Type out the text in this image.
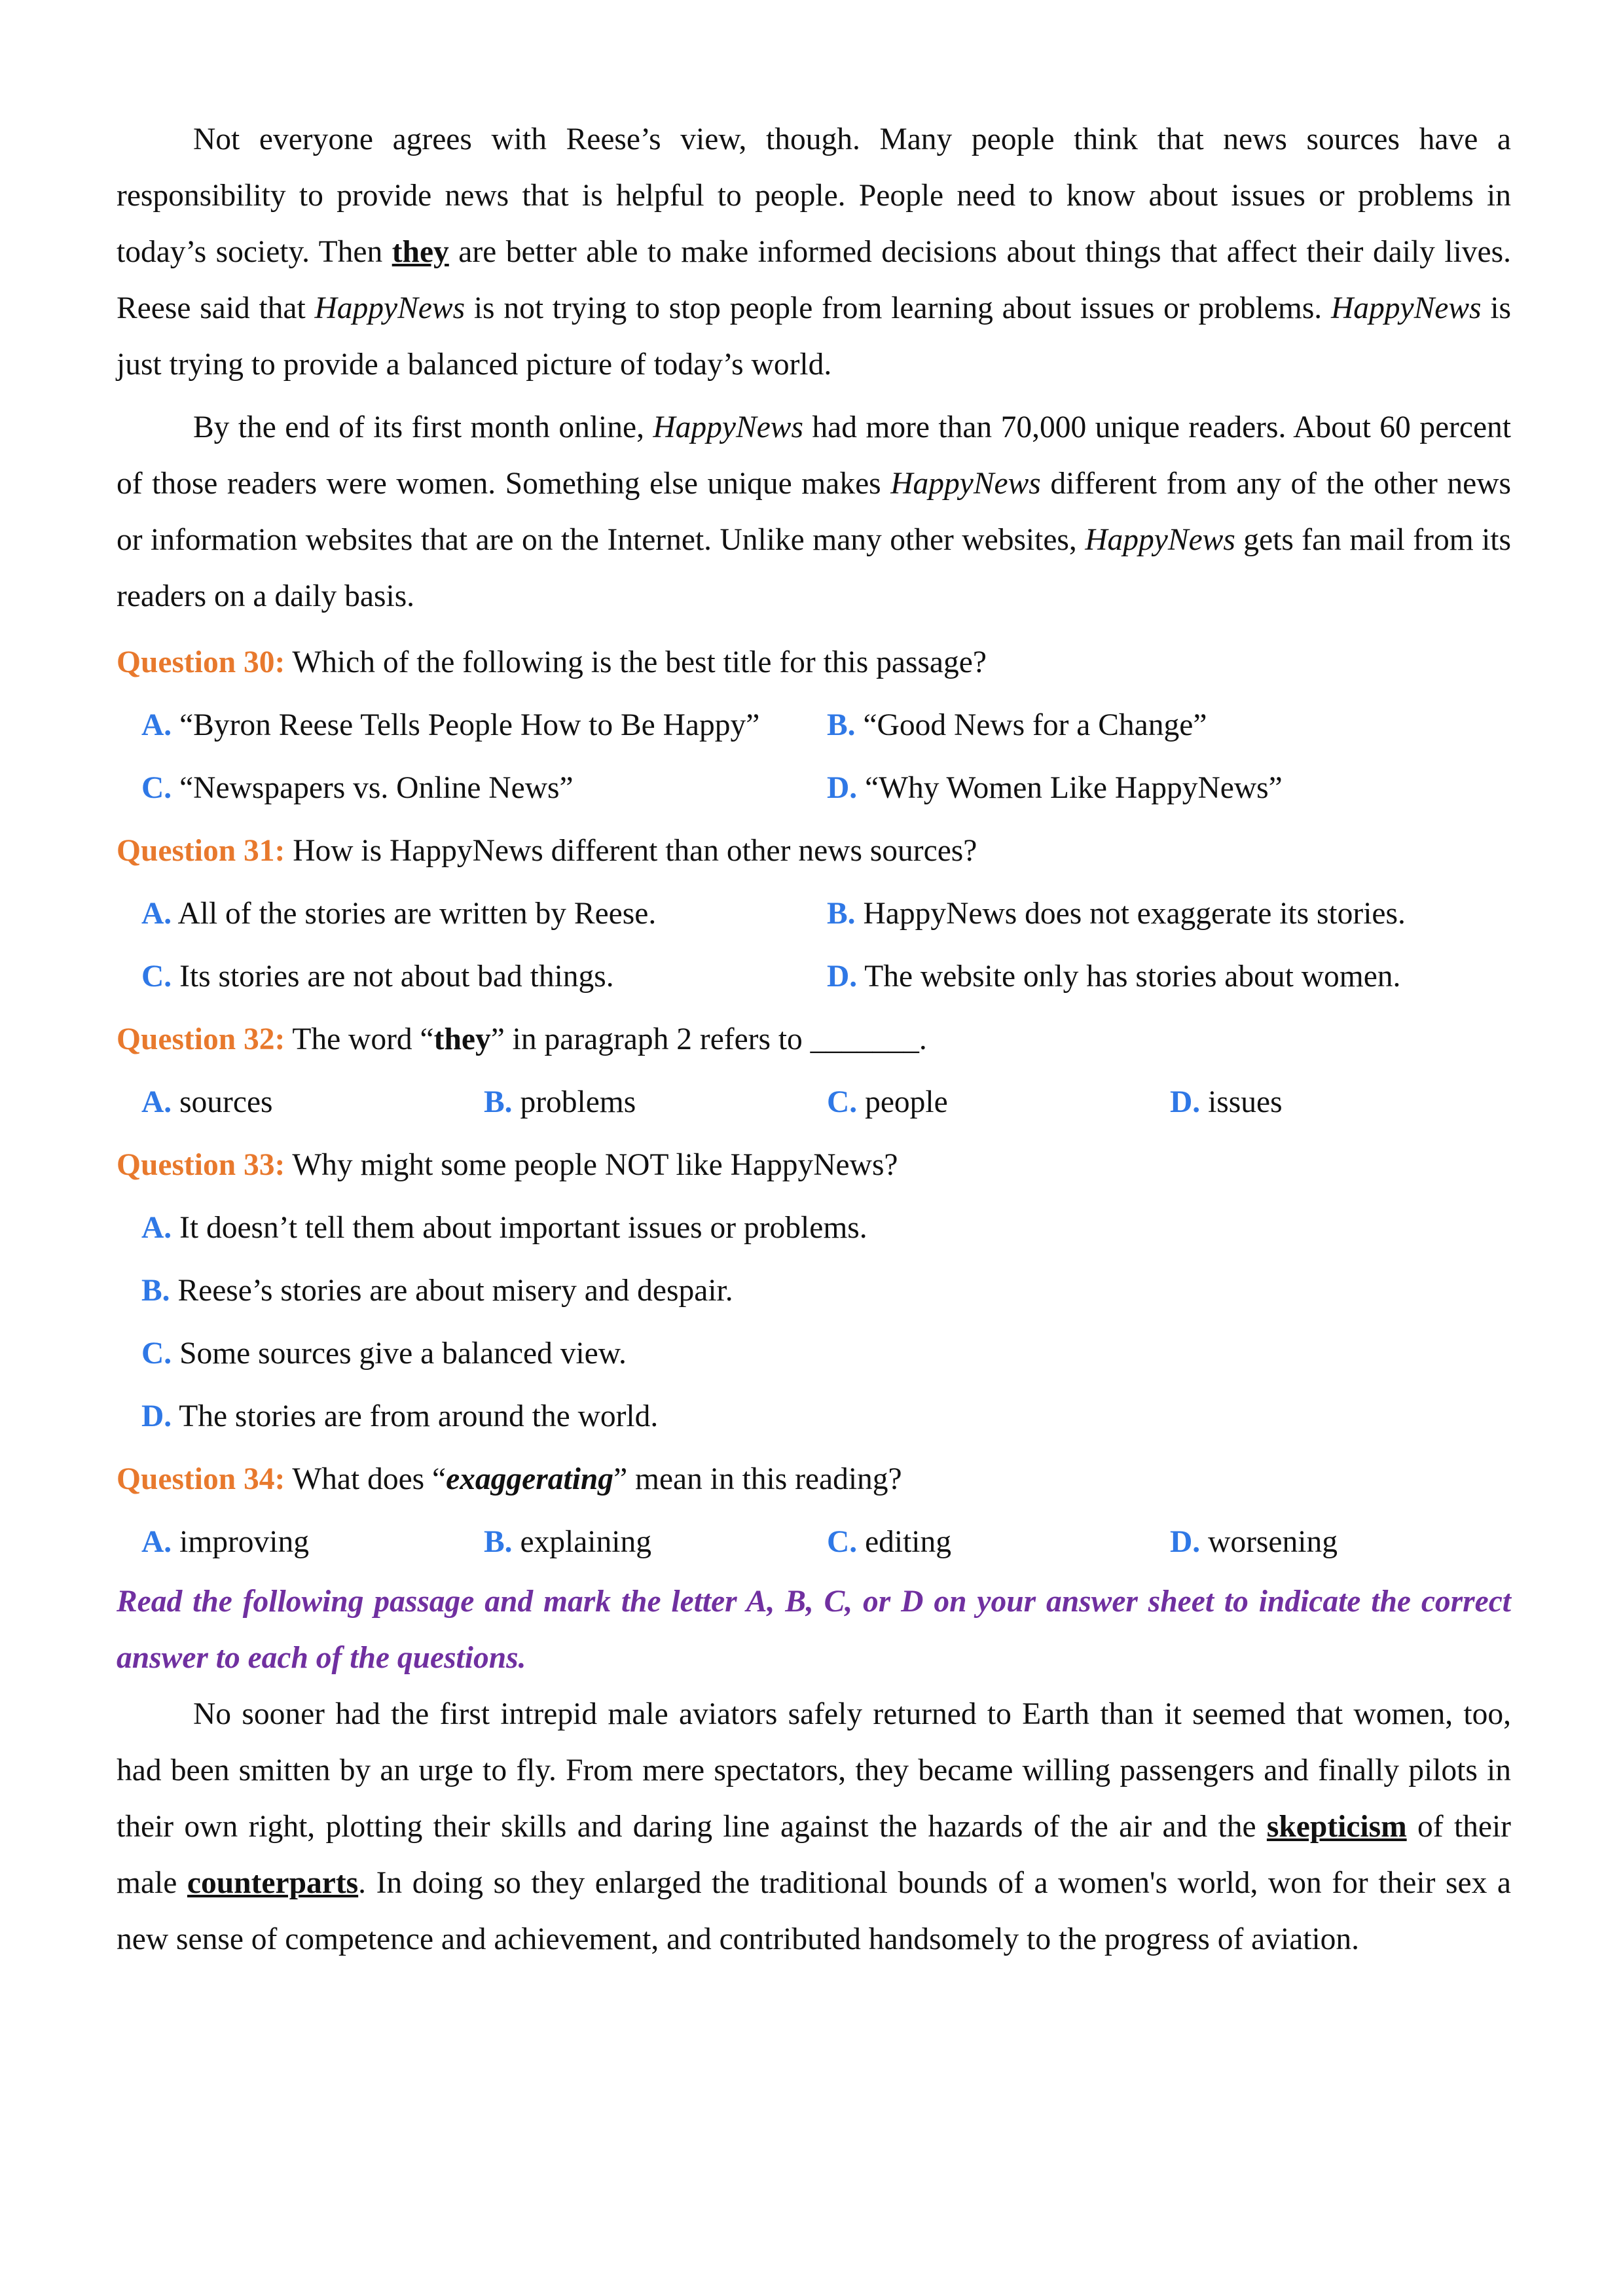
Not everyone agrees with Reese’s view, though. Many people think that news sources have a responsibility to provide news that is helpful to people. People need to know about issues or problems in today’s society. Then they are better able to make informed decisions about things that affect their daily lives. Reese said that HappyNews is not trying to stop people from learning about issues or problems. HappyNews is just trying to provide a balanced picture of today’s world.

By the end of its first month online, HappyNews had more than 70,000 unique readers. About 60 percent of those readers were women. Something else unique makes HappyNews different from any of the other news or information websites that are on the Internet. Unlike many other websites, HappyNews gets fan mail from its readers on a daily basis.

Question 30: Which of the following is the best title for this passage?
A. “Byron Reese Tells People How to Be Happy” B. “Good News for a Change”
C. “Newspapers vs. Online News”	D. “Why Women Like HappyNews”
Question 31: How is HappyNews different than other news sources?
A. All of the stories are written by Reese.	B. HappyNews does not exaggerate its stories.
C. Its stories are not about bad things.	D. The website only has stories about women.
Question 32: The word “they” in paragraph 2 refers to _______.
A. sources	B. problems	C. people	D. issues
Question 33: Why might some people NOT like HappyNews?
A. It doesn’t tell them about important issues or problems.
B. Reese’s stories are about misery and despair.
C. Some sources give a balanced view.
D. The stories are from around the world.
Question 34: What does “exaggerating” mean in this reading?
A. improving	B. explaining	C. editing	D. worsening

Read the following passage and mark the letter A, B, C, or D on your answer sheet to indicate the correct answer to each of the questions.

No sooner had the first intrepid male aviators safely returned to Earth than it seemed that women, too, had been smitten by an urge to fly. From mere spectators, they became willing passengers and finally pilots in their own right, plotting their skills and daring line against the hazards of the air and the skepticism of their male counterparts. In doing so they enlarged the traditional bounds of a women's world, won for their sex a new sense of competence and achievement, and contributed handsomely to the progress of aviation.
